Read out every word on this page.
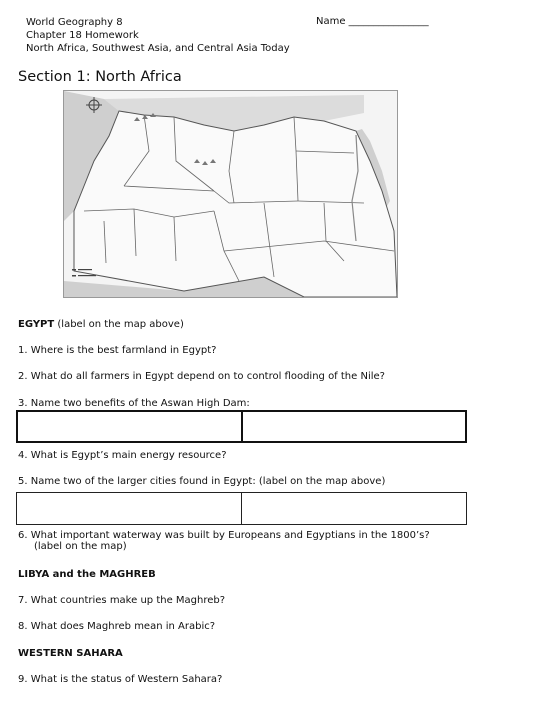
World Geography 8
Chapter 18 Homework
North Africa, Southwest Asia, and Central Asia Today
Name ________________
Section 1: North Africa
EGYPT (label on the map above)
1. Where is the best farmland in Egypt?
2. What do all farmers in Egypt depend on to control flooding of the Nile?
3. Name two benefits of the Aswan High Dam:
4. What is Egypt’s main energy resource?
5. Name two of the larger cities found in Egypt: (label on the map above)
6. What important waterway was built by Europeans and Egyptians in the 1800’s?
(label on the map)
LIBYA and the MAGHREB
7. What countries make up the Maghreb?
8. What does Maghreb mean in Arabic?
WESTERN SAHARA
9. What is the status of Western Sahara?
